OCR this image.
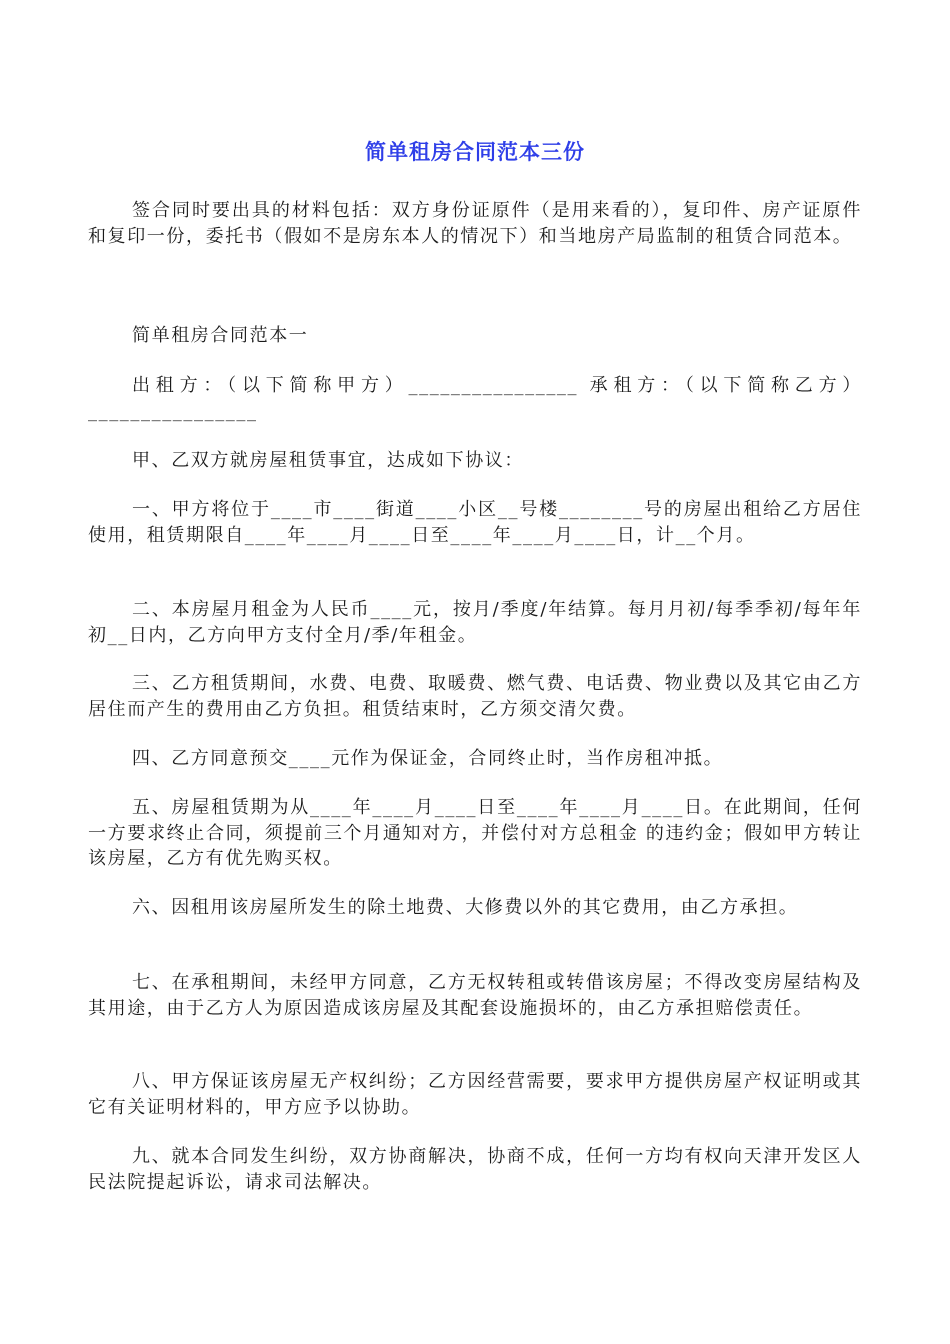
简单租房合同范本三份

签合同时要出具的材料包括：双方身份证原件（是用来看的），复印件、房产证原件和复印一份，委托书（假如不是房东本人的情况下）和当地房产局监制的租赁合同范本。

简单租房合同范本一

出租方：（以下简称甲方）________________ 承租方：（以下简称乙方）________________

甲、乙双方就房屋租赁事宜，达成如下协议：

一、甲方将位于____市____街道____小区__号楼________号的房屋出租给乙方居住使用，租赁期限自____年____月____日至____年____月____日，计__个月。

二、本房屋月租金为人民币____元，按月/季度/年结算。每月月初/每季季初/每年年初__日内，乙方向甲方支付全月/季/年租金。

三、乙方租赁期间，水费、电费、取暖费、燃气费、电话费、物业费以及其它由乙方居住而产生的费用由乙方负担。租赁结束时，乙方须交清欠费。

四、乙方同意预交____元作为保证金，合同终止时，当作房租冲抵。

五、房屋租赁期为从____年____月____日至____年____月____日。在此期间，任何一方要求终止合同，须提前三个月通知对方，并偿付对方总租金 的违约金；假如甲方转让该房屋，乙方有优先购买权。

六、因租用该房屋所发生的除土地费、大修费以外的其它费用，由乙方承担。

七、在承租期间，未经甲方同意，乙方无权转租或转借该房屋；不得改变房屋结构及其用途，由于乙方人为原因造成该房屋及其配套设施损坏的，由乙方承担赔偿责任。

八、甲方保证该房屋无产权纠纷；乙方因经营需要，要求甲方提供房屋产权证明或其它有关证明材料的，甲方应予以协助。

九、就本合同发生纠纷，双方协商解决，协商不成，任何一方均有权向天津开发区人民法院提起诉讼，请求司法解决。
